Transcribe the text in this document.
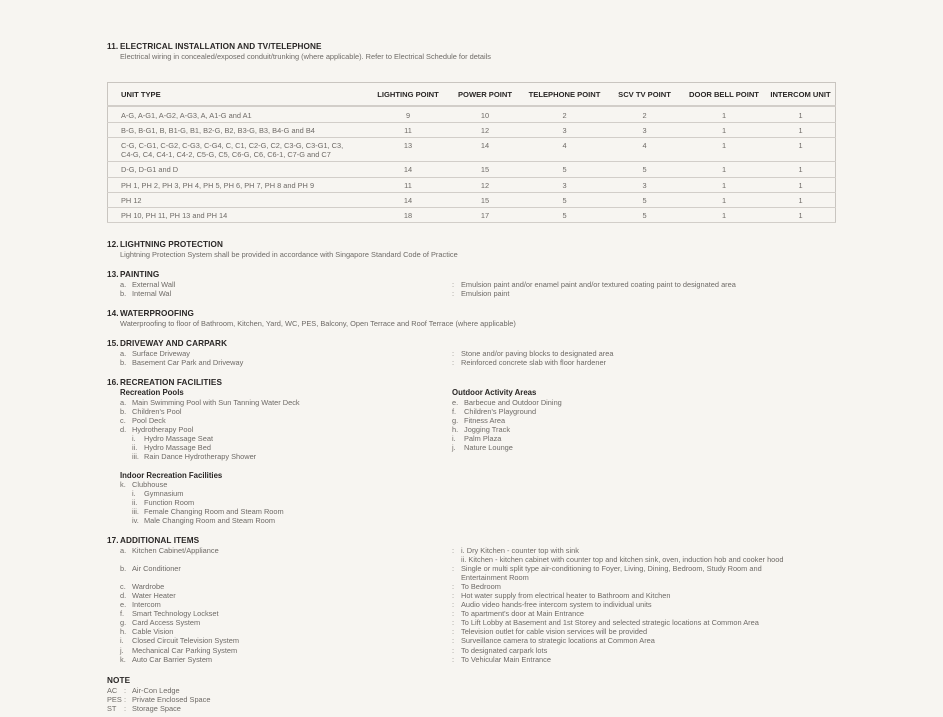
11. ELECTRICAL INSTALLATION AND TV/TELEPHONE
Electrical wiring in concealed/exposed conduit/trunking (where applicable). Refer to Electrical Schedule for details
UNIT TYPE	LIGHTING POINT	POWER POINT	TELEPHONE POINT	SCV TV POINT	DOOR BELL POINT	INTERCOM UNIT

A-G, A-G1, A-G2, A-G3, A, A1-G and A1	9	10	2	2	1	1

B-G, B-G1, B, B1-G, B1, B2-G, B2, B3-G, B3, B4-G and B4	11	12	3	3	1	1

C-G, C-G1, C-G2, C-G3, C-G4, C, C1, C2-G, C2, C3-G, C3-G1, C3,
C4-G, C4, C4-1, C4-2, C5-G, C5, C6-G, C6, C6-1, C7-G and C7	13	14	4	4	1	1

D-G, D-G1 and D	14	15	5	5	1	1

PH 1, PH 2, PH 3, PH 4, PH 5, PH 6, PH 7, PH 8 and PH 9	11	12	3	3	1	1

PH 12	14	15	5	5	1	1

PH 10, PH 11, PH 13 and PH 14	18	17	5	5	1	1
12.LIGHTNING PROTECTION
Lightning Protection System shall be provided in accordance with Singapore Standard Code of Practice
13.PAINTING
a. External Wall	: Emulsion paint and/or enamel paint and/or textured coating paint to designated area
b. Internal Wal	: Emulsion paint
14.WATERPROOFING
Waterproofing to floor of Bathroom, Kitchen, Yard, WC, PES, Balcony, Open Terrace and Roof Terrace (where applicable)
15.DRIVEWAY AND CARPARK
a. Surface Driveway	: Stone and/or paving blocks to designated area
b. Basement Car Park and Driveway	: Reinforced concrete slab with floor hardener
16.RECREATION FACILITIES
Recreation Pools
a. Main Swimming Pool with Sun Tanning Water Deck
b. Children's Pool
c. Pool Deck
d. Hydrotherapy Pool
i. Hydro Massage Seat
ii. Hydro Massage Bed
iii. Rain Dance Hydrotherapy Shower
Outdoor Activity Areas
e. Barbecue and Outdoor Dining
f. Children's Playground
g. Fitness Area
h. Jogging Track
i. Palm Plaza
j. Nature Lounge
Indoor Recreation Facilities
k. Clubhouse
i. Gymnasium
ii. Function Room
iii. Female Changing Room and Steam Room
iv. Male Changing Room and Steam Room
17.ADDITIONAL ITEMS
a. Kitchen Cabinet/Appliance	: i. Dry Kitchen - counter top with sink
ii. Kitchen - kitchen cabinet with counter top and kitchen sink, oven, induction hob and cooker hood
b. Air Conditioner	: Single or multi split type air-conditioning to Foyer, Living, Dining, Bedroom, Study Room and
Entertainment Room
c. Wardrobe	: To Bedroom
d. Water Heater	: Hot water supply from electrical heater to Bathroom and Kitchen
e. Intercom	: Audio video hands-free intercom system to individual units
f. Smart Technology Lockset	: To apartment's door at Main Entrance
g. Card Access System	: To Lift Lobby at Basement and 1st Storey and selected strategic locations at Common Area
h. Cable Vision	: Television outlet for cable vision services will be provided
i. Closed Circuit Television System	: Surveillance camera to strategic locations at Common Area
j. Mechanical Car Parking System	: To designated carpark lots
k. Auto Car Barrier System	: To Vehicular Main Entrance
NOTE
AC : Air-Con Ledge
PES : Private Enclosed Space
ST : Storage Space
